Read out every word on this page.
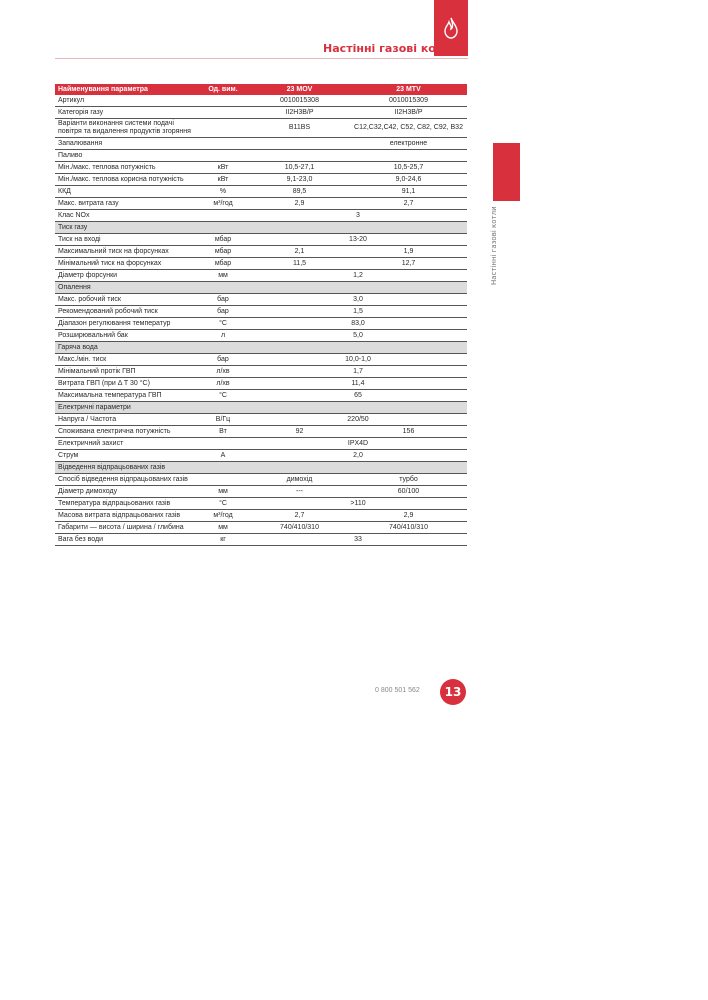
Настінні газові котли
Настінні газові котли
Найменування параметра	Од. вим.	23 MOV	23 MTV
Артикул		0010015308	0010015309
Категорія газу		II2H3B/P	II2H3B/P
Варіанти виконання системи подачі повітря та видалення продуктів згоряння		B11BS	C12,C32,C42, C52, C82, C92, B32
Запалювання			електронне
Паливо			
Мін./макс. теплова потужність	кВт	10,5-27,1	10,5-25,7
Мін./макс. теплова корисна потужність	кВт	9,1-23,0	9,0-24,6
ККД	%	89,5	91,1
Макс. витрата газу	м³/год	2,9	2,7
Клас NOx		3	
Тиск газу			
Тиск на вході	мбар	13-20	
Максимальний тиск на форсунках	мбар	2,1	1,9
Мінімальний тиск на форсунках	мбар	11,5	12,7
Діаметр форсунки	мм	1,2	
Опалення			
Макс. робочий тиск	бар	3,0	
Рекомендований робочий тиск	бар	1,5	
Діапазон регулювання температур	°С	83,0	
Розширювальний бак	л	5,0	
Гаряча вода			
Макс./мін. тиск	бар	10,0-1,0	
Мінімальний протік ГВП	л/хв	1,7	
Витрата ГВП (при Δ T 30 °С)	л/хв	11,4	
Максимальна температура ГВП	°С	65	
Електричні параметри			
Напруга / Частота	В/Гц	220/50	
Споживана електрична потужність	Вт	92	156
Електричний захист		IPX4D	
Струм	А	2,0	
Відведення відпрацьованих газів			
Спосіб відведення відпрацьованих газів		димохід	турбо
Діаметр димоходу	мм	---	60/100
Температура відпрацьованих газів	°С	>110	
Масова витрата відпрацьованих газів	м³/год	2,7	2,9
Габарити — висота / ширина / глибина	мм	740/410/310	740/410/310
Вага без води	кг	33	
0 800 501 562	13
